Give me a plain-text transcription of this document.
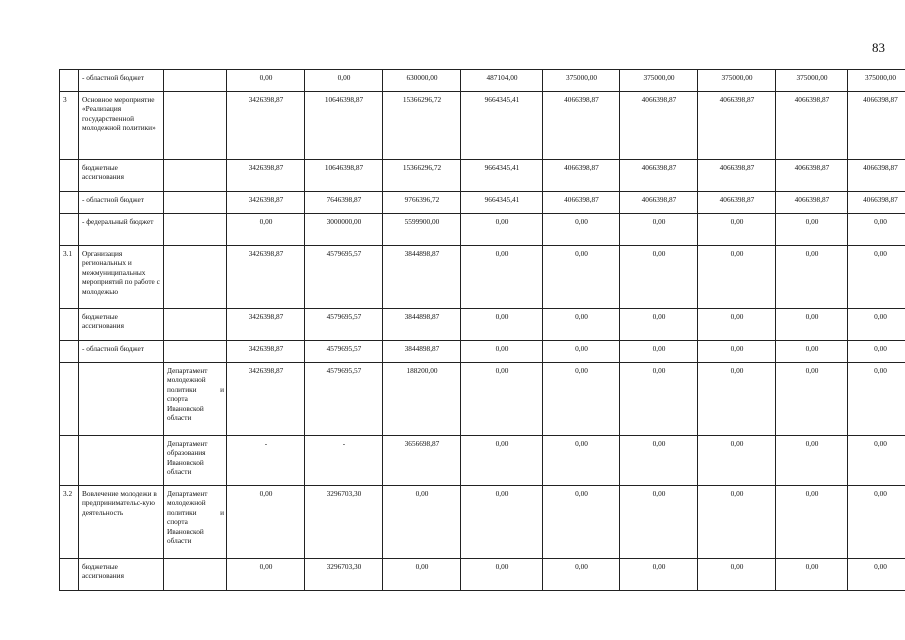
83
	- областной бюджет		0,00	0,00	630000,00	487104,00	375000,00	375000,00	375000,00	375000,00	375000,00
3	Основное мероприятие «Реализация государственной молодежной политики»		3426398,87	10646398,87	15366296,72	9664345,41	4066398,87	4066398,87	4066398,87	4066398,87	4066398,87
	бюджетные ассигнования		3426398,87	10646398,87	15366296,72	9664345,41	4066398,87	4066398,87	4066398,87	4066398,87	4066398,87
	- областной бюджет		3426398,87	7646398,87	9766396,72	9664345,41	4066398,87	4066398,87	4066398,87	4066398,87	4066398,87
	- федеральный бюджет		0,00	3000000,00	5599900,00	0,00	0,00	0,00	0,00	0,00	0,00
3.1	Организация региональных и межмуниципальных мероприятий по работе с молодежью		3426398,87	4579695,57	3844898,87	0,00	0,00	0,00	0,00	0,00	0,00
	бюджетные ассигнования		3426398,87	4579695,57	3844898,87	0,00	0,00	0,00	0,00	0,00	0,00
	- областной бюджет		3426398,87	4579695,57	3844898,87	0,00	0,00	0,00	0,00	0,00	0,00
		Департамент молодежной политики и спорта Ивановской области	3426398,87	4579695,57	188200,00	0,00	0,00	0,00	0,00	0,00	0,00
		Департамент образования Ивановской области	-	-	3656698,87	0,00	0,00	0,00	0,00	0,00	0,00
3.2	Вовлечение молодежи в предпринимательс-кую деятельность	Департамент молодежной политики и спорта Ивановской области	0,00	3296703,30	0,00	0,00	0,00	0,00	0,00	0,00	0,00
	бюджетные ассигнования		0,00	3296703,30	0,00	0,00	0,00	0,00	0,00	0,00	0,00
